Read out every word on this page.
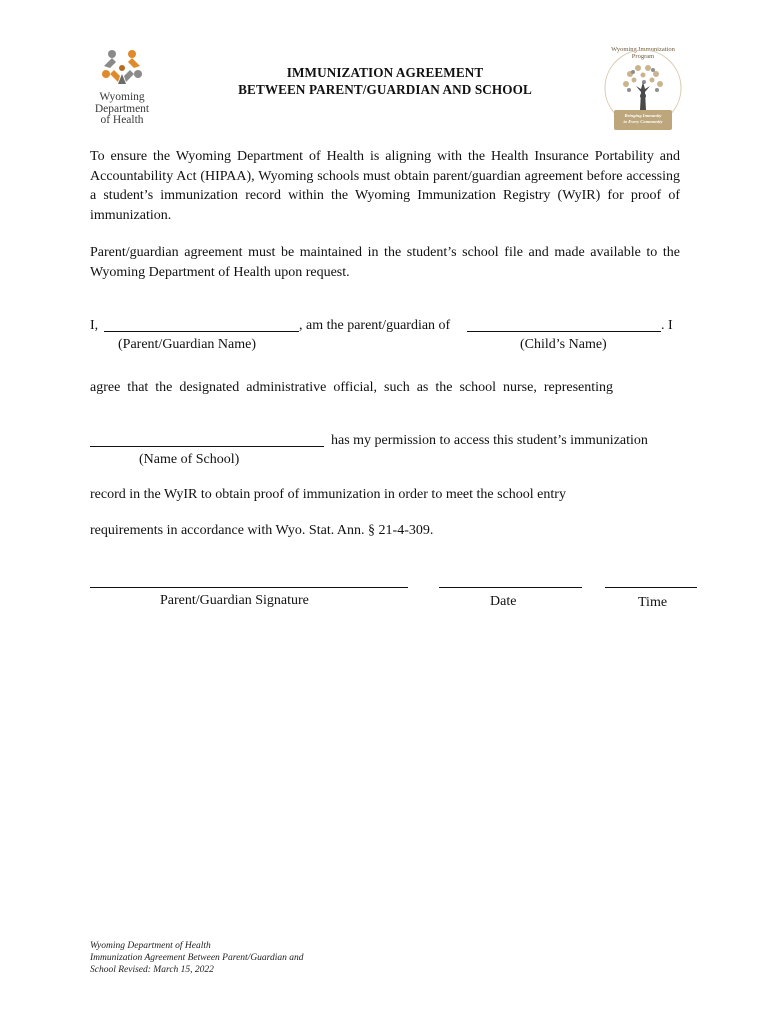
Wyoming
Department
of Health
IMMUNIZATION AGREEMENT
BETWEEN PARENT/GUARDIAN AND SCHOOL
Wyoming Immunization Program
Bringing Immunity
to Every Community
To ensure the Wyoming Department of Health is aligning with the Health Insurance Portability and Accountability Act (HIPAA), Wyoming schools must obtain parent/guardian agreement before accessing a student’s immunization record within the Wyoming Immunization Registry (WyIR) for proof of immunization.
Parent/guardian agreement must be maintained in the student’s school file and made available to the Wyoming Department of Health upon request.
I,	, am the parent/guardian of	. I
(Parent/Guardian Name)	(Child’s Name)
agree  that  the  designated  administrative  official,  such  as  the  school  nurse,  representing
has my permission to access this student’s immunization
(Name of School)
record in the WyIR to obtain proof of immunization in order to meet the school entry
requirements in accordance with Wyo. Stat. Ann. § 21-4-309.
Parent/Guardian Signature	Date	Time
Wyoming Department of Health
Immunization Agreement Between Parent/Guardian and
School Revised: March 15, 2022
